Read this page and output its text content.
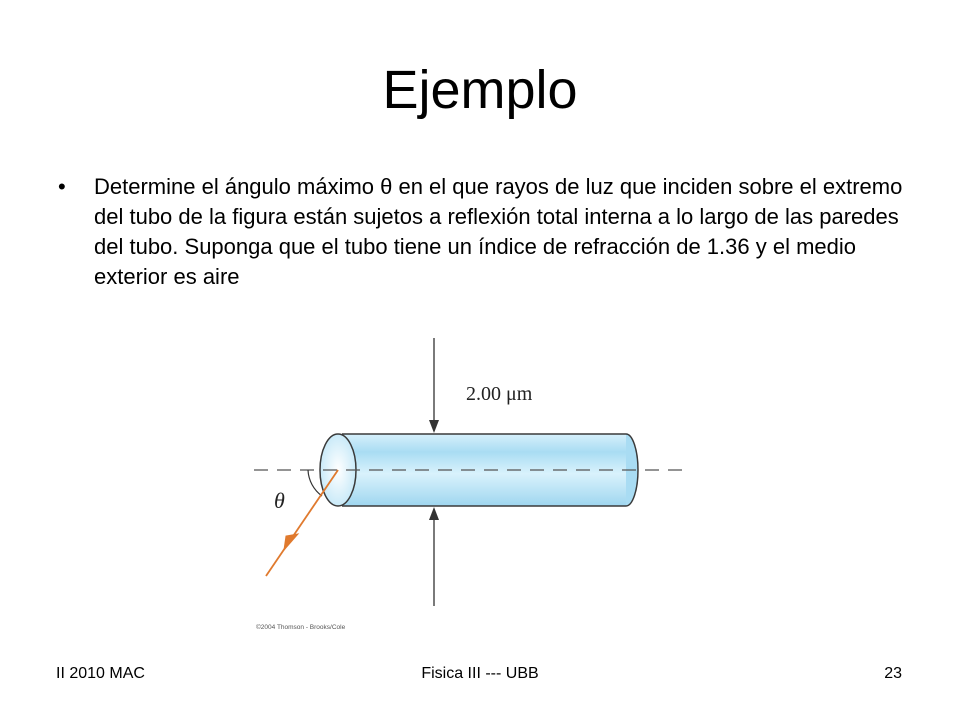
Ejemplo
• Determine el ángulo máximo θ en el que rayos de luz que inciden sobre el extremo del tubo de la figura están sujetos a reflexión total interna a lo largo de las paredes del tubo. Suponga que el tubo tiene un índice de refracción de 1.36 y el medio exterior es aire
2.00 μm
θ
©2004 Thomson - Brooks/Cole
II 2010 MAC	Fisica III --- UBB	23
